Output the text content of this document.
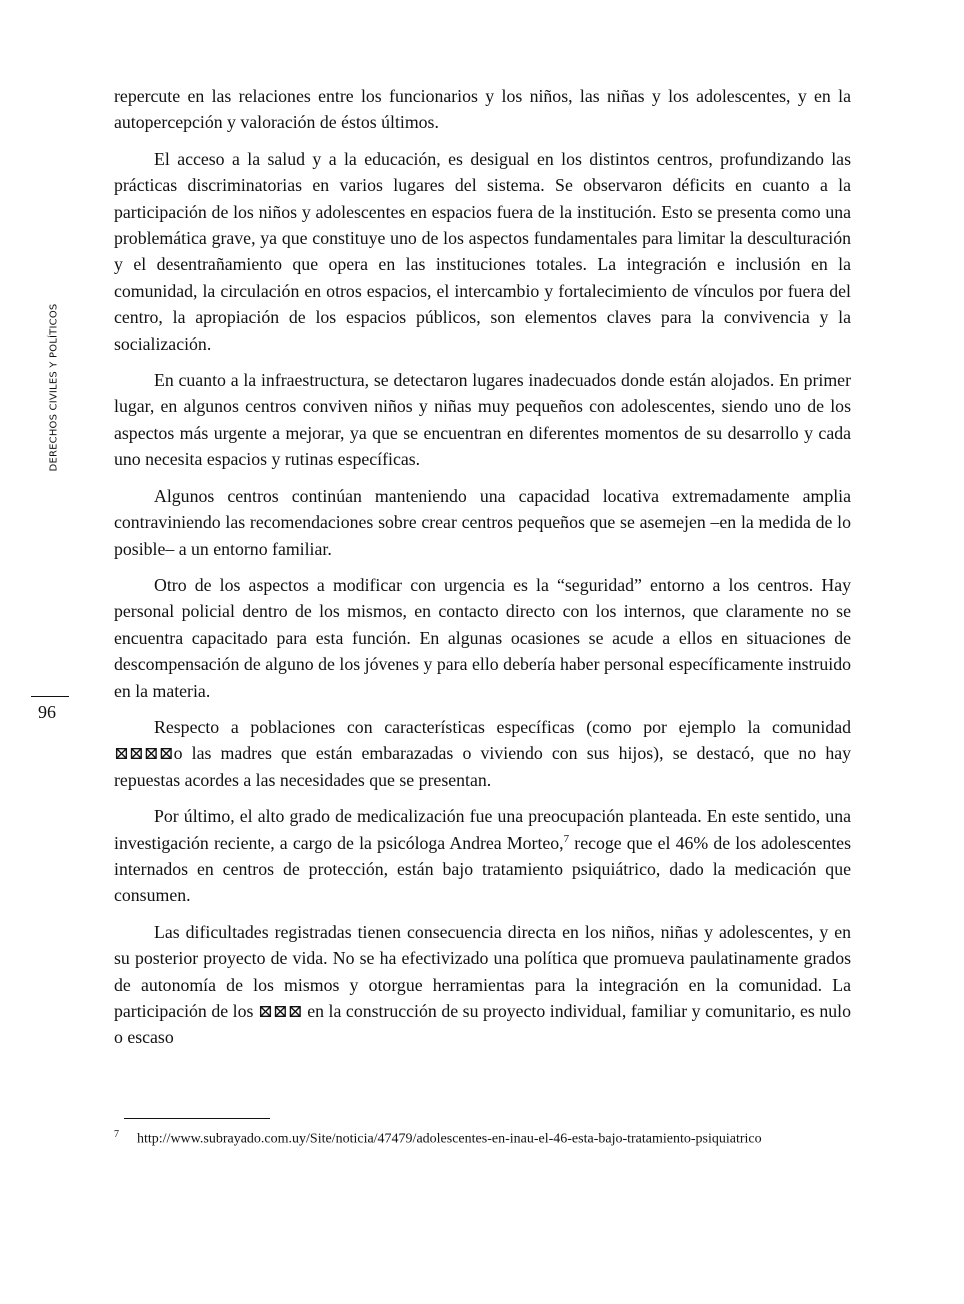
DERECHOS CIVILES Y POLÍTICOS
96

repercute en las relaciones entre los funcionarios y los niños, las niñas y los adolescentes, y en la autopercepción y valoración de éstos últimos.

El acceso a la salud y a la educación, es desigual en los distintos centros, profundizando las prácticas discriminatorias en varios lugares del sistema. Se observaron déficits en cuanto a la participación de los niños y adolescentes en espacios fuera de la institución. Esto se presenta como una problemática grave, ya que constituye uno de los aspectos fundamentales para limitar la desculturación y el desentrañamiento que opera en las instituciones totales. La integración e inclusión en la comunidad, la circulación en otros espacios, el intercambio y fortalecimiento de vínculos por fuera del centro, la apropiación de los espacios públicos, son elementos claves para la convivencia y la socialización.

En cuanto a la infraestructura, se detectaron lugares inadecuados donde están alojados. En primer lugar, en algunos centros conviven niños y niñas muy pequeños con adolescentes, siendo uno de los aspectos más urgente a mejorar, ya que se encuentran en diferentes momentos de su desarrollo y cada uno necesita espacios y rutinas específicas.

Algunos centros continúan manteniendo una capacidad locativa extremadamente amplia contraviniendo las recomendaciones sobre crear centros pequeños que se asemejen –en la medida de lo posible– a un entorno familiar.

Otro de los aspectos a modificar con urgencia es la “seguridad” entorno a los centros. Hay personal policial dentro de los mismos, en contacto directo con los internos, que claramente no se encuentra capacitado para esta función. En algunas ocasiones se acude a ellos en situaciones de descompensación de alguno de los jóvenes y para ello debería haber personal específicamente instruido en la materia.

Respecto a poblaciones con características específicas (como por ejemplo la comunidad ⊠⊠⊠⊠o las madres que están embarazadas o viviendo con sus hijos), se destacó, que no hay repuestas acordes a las necesidades que se presentan.

Por último, el alto grado de medicalización fue una preocupación planteada. En este sentido, una investigación reciente, a cargo de la psicóloga Andrea Morteo,$^7$ recoge que el 46% de los adolescentes internados en centros de protección, están bajo tratamiento psiquiátrico, dado la medicación que consumen.

Las dificultades registradas tienen consecuencia directa en los niños, niñas y adolescentes, y en su posterior proyecto de vida. No se ha efectivizado una política que promueva paulatinamente grados de autonomía de los mismos y otorgue herramientas para la integración en la comunidad. La participación de los ⊠⊠⊠ en la construcción de su proyecto individual, familiar y comunitario, es nulo o escaso

$^7$ http://www.subrayado.com.uy/Site/noticia/47479/adolescentes-en-inau-el-46-esta-bajo-tratamiento-psiquiatrico
